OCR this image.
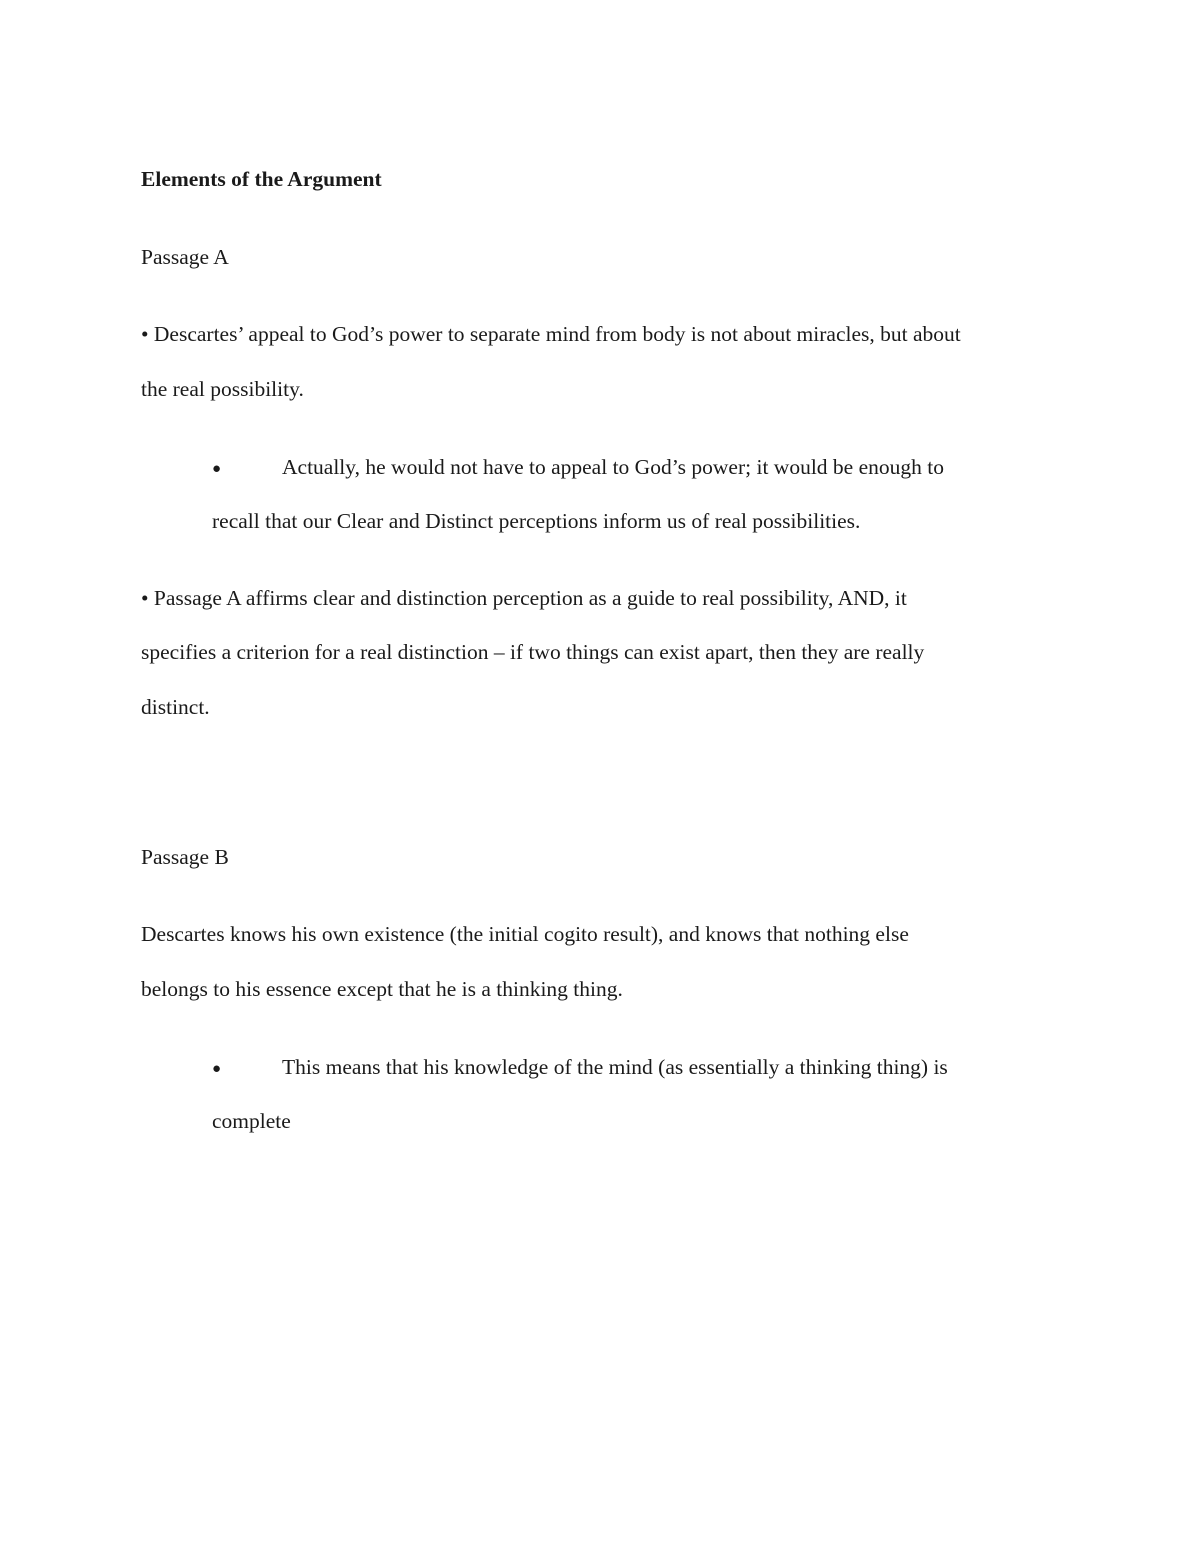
Elements of the Argument

Passage A

• Descartes’ appeal to God’s power to separate mind from body is not about miracles, but about

the real possibility.

●	Actually, he would not have to appeal to God’s power; it would be enough to

recall that our Clear and Distinct perceptions inform us of real possibilities.

• Passage A affirms clear and distinction perception as a guide to real possibility, AND, it

specifies a criterion for a real distinction – if two things can exist apart, then they are really

distinct.

Passage B

Descartes knows his own existence (the initial cogito result), and knows that nothing else

belongs to his essence except that he is a thinking thing.

●	This means that his knowledge of the mind (as essentially a thinking thing) is

complete
